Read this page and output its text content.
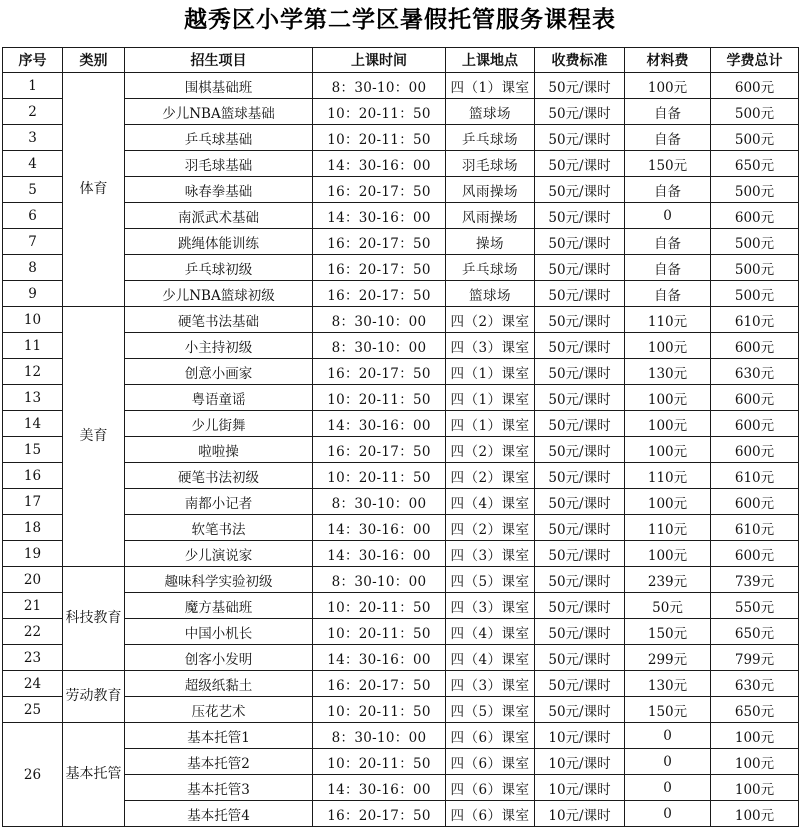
越秀区小学第二学区暑假托管服务课程表
序号	类别	招生项目	上课时间	上课地点	收费标准	材料费	学费总计
1	体育	围棋基础班	8：30-10：00	四（1）课室	50元/课时	100元	600元
2		少儿NBA篮球基础	10：20-11：50	篮球场	50元/课时	自备	500元
3		乒乓球基础	10：20-11：50	乒乓球场	50元/课时	自备	500元
4		羽毛球基础	14：30-16：00	羽毛球场	50元/课时	150元	650元
5		咏春拳基础	16：20-17：50	风雨操场	50元/课时	自备	500元
6		南派武术基础	14：30-16：00	风雨操场	50元/课时	0	600元
7		跳绳体能训练	16：20-17：50	操场	50元/课时	自备	500元
8		乒乓球初级	16：20-17：50	乒乓球场	50元/课时	自备	500元
9		少儿NBA篮球初级	16：20-17：50	篮球场	50元/课时	自备	500元
10	美育	硬笔书法基础	8：30-10：00	四（2）课室	50元/课时	110元	610元
11		小主持初级	8：30-10：00	四（3）课室	50元/课时	100元	600元
12		创意小画家	16：20-17：50	四（1）课室	50元/课时	130元	630元
13		粤语童谣	10：20-11：50	四（1）课室	50元/课时	100元	600元
14		少儿街舞	14：30-16：00	四（1）课室	50元/课时	100元	600元
15		啦啦操	16：20-17：50	四（2）课室	50元/课时	100元	600元
16		硬笔书法初级	10：20-11：50	四（2）课室	50元/课时	110元	610元
17		南都小记者	8：30-10：00	四（4）课室	50元/课时	100元	600元
18		软笔书法	14：30-16：00	四（2）课室	50元/课时	110元	610元
19		少儿演说家	14：30-16：00	四（3）课室	50元/课时	100元	600元
20	科技教育	趣味科学实验初级	8：30-10：00	四（5）课室	50元/课时	239元	739元
21		魔方基础班	10：20-11：50	四（3）课室	50元/课时	50元	550元
22		中国小机长	10：20-11：50	四（4）课室	50元/课时	150元	650元
23		创客小发明	14：30-16：00	四（4）课室	50元/课时	299元	799元
24	劳动教育	超级纸黏土	16：20-17：50	四（3）课室	50元/课时	130元	630元
25		压花艺术	10：20-11：50	四（5）课室	50元/课时	150元	650元
26	基本托管	基本托管1	8：30-10：00	四（6）课室	10元/课时	0	100元
		基本托管2	10：20-11：50	四（6）课室	10元/课时	0	100元
		基本托管3	14：30-16：00	四（6）课室	10元/课时	0	100元
		基本托管4	16：20-17：50	四（6）课室	10元/课时	0	100元
